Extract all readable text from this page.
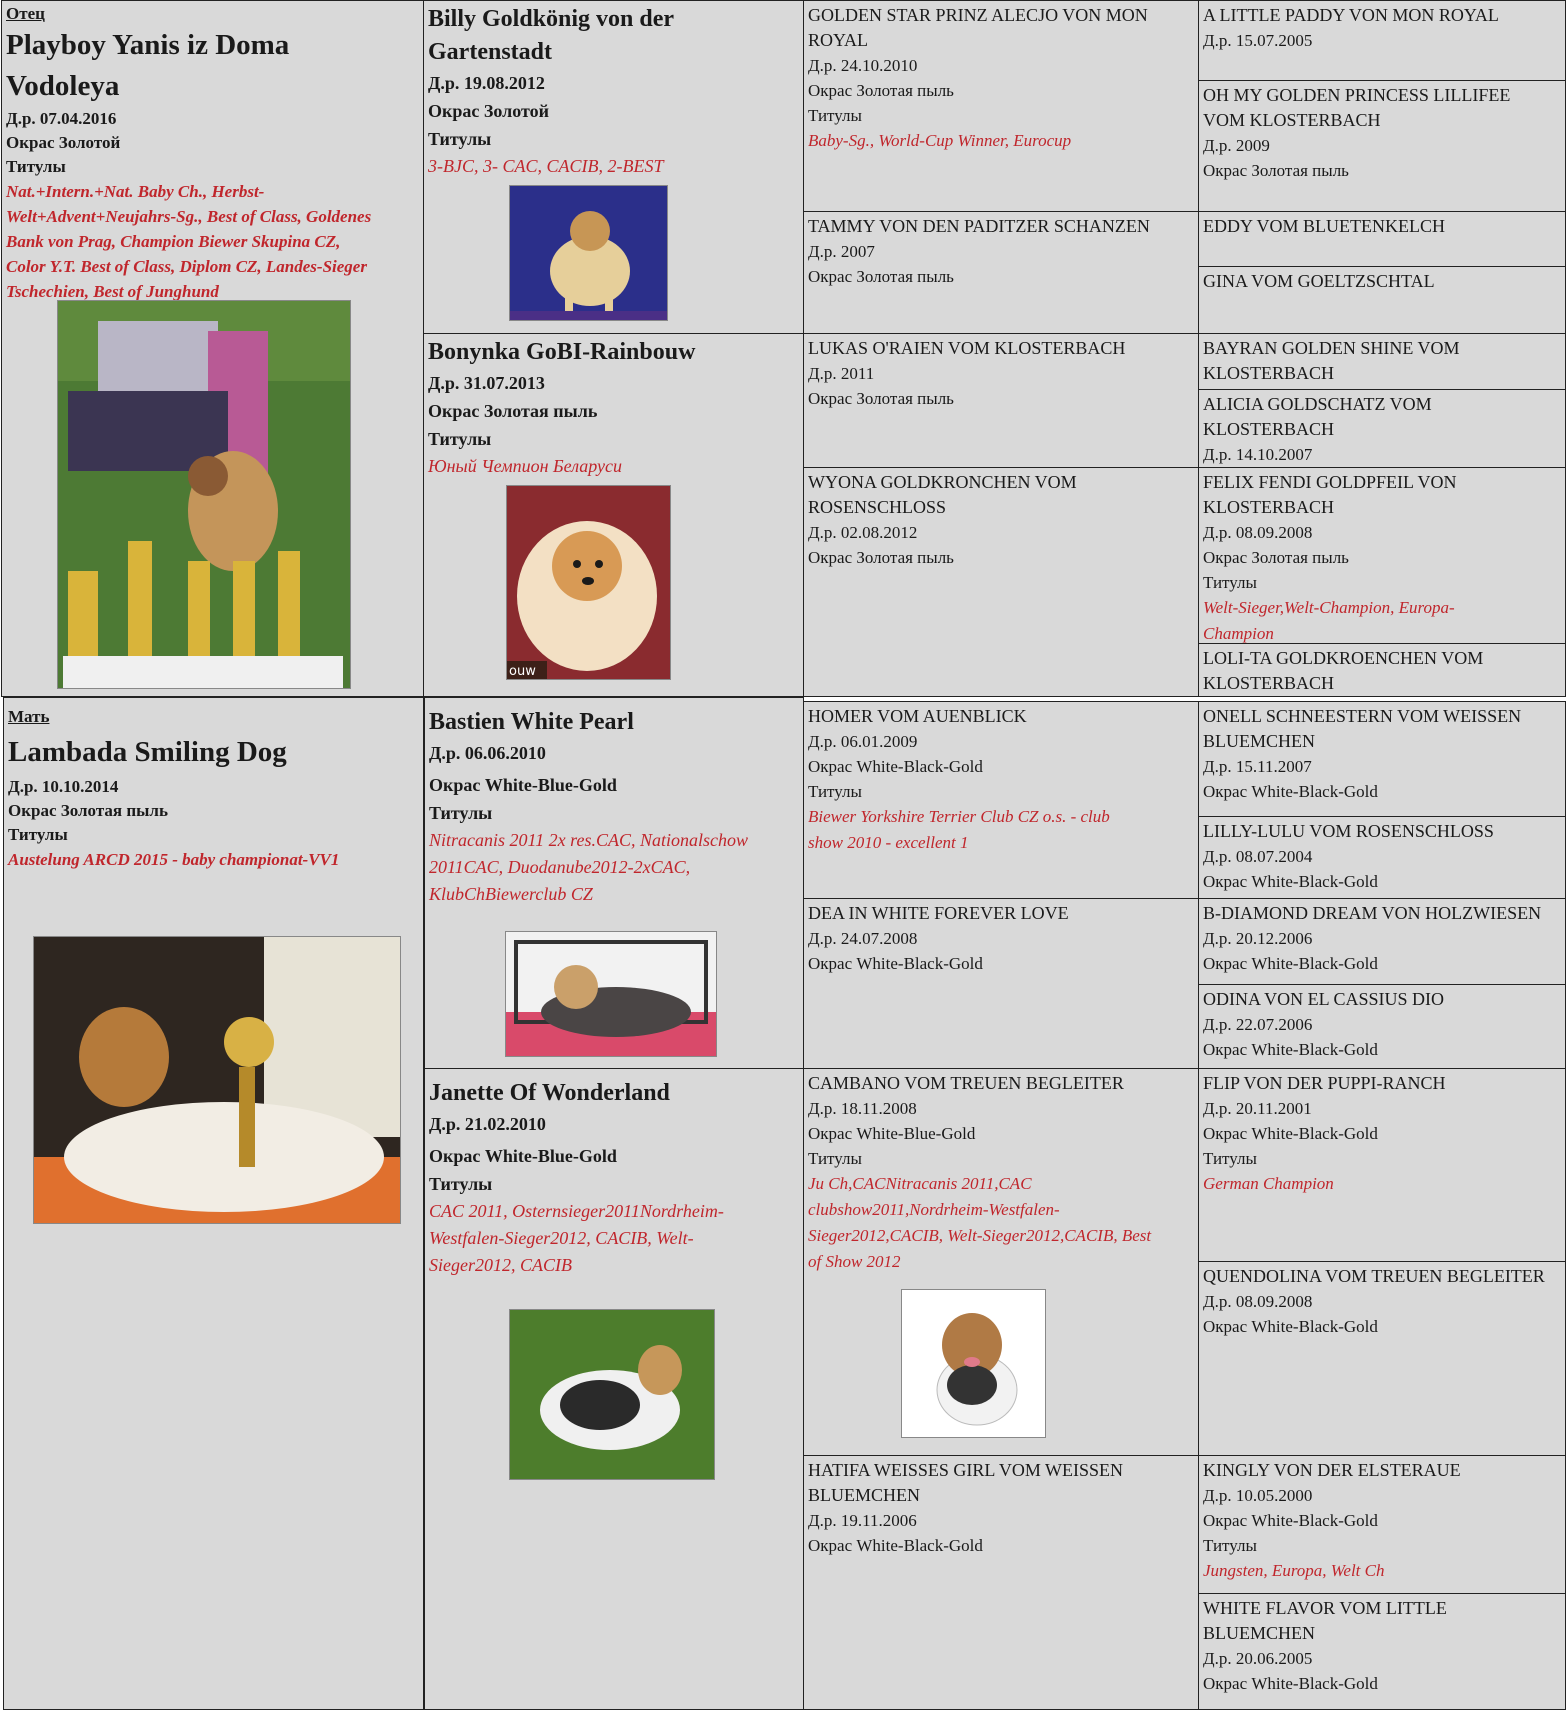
Отец
Playboy Yanis iz Doma
Vodoleya
Д.р. 07.04.2016
Окрас Золотой
Титулы
Nat.+Intern.+Nat. Baby Ch., Herbst-
Welt+Advent+Neujahrs-Sg., Best of Class, Goldenes
Bank von Prag, Champion Biewer Skupina CZ,
Color Y.T. Best of Class, Diplom CZ, Landes-Sieger
Tschechien, Best of Junghund
Мать
Lambada Smiling Dog
Д.р. 10.10.2014
Окрас Золотая пыль
Титулы
Austelung ARCD 2015 - baby championat-VV1
Billy Goldkönig von der
Gartenstadt
Д.р. 19.08.2012
Окрас Золотой
Титулы
3-BJC, 3- CAC, CACIB, 2-BEST
Bonynka GoBI-Rainbouw
Д.р. 31.07.2013
Окрас Золотая пыль
Титулы
Юный Чемпион Беларуси
ouw
Bastien White Pearl
Д.р. 06.06.2010
Окрас White-Blue-Gold
Титулы
Nitracanis 2011 2x res.CAC, Nationalschow
2011CAC, Duodanube2012-2xCAC,
KlubChBiewerclub CZ
Janette Of Wonderland
Д.р. 21.02.2010
Окрас White-Blue-Gold
Титулы
CAC 2011, Osternsieger2011Nordrheim-
Westfalen-Sieger2012, CACIB, Welt-
Sieger2012, CACIB
GOLDEN STAR PRINZ ALECJO VON MON
ROYAL
Д.р. 24.10.2010
Окрас Золотая пыль
Титулы
Baby-Sg., World-Cup Winner, Eurocup
TAMMY VON DEN PADITZER SCHANZEN
Д.р. 2007
Окрас Золотая пыль
LUKAS O'RAIEN VOM KLOSTERBACH
Д.р. 2011
Окрас Золотая пыль
WYONA GOLDKRONCHEN VOM
ROSENSCHLOSS
Д.р. 02.08.2012
Окрас Золотая пыль
HOMER VOM AUENBLICK
Д.р. 06.01.2009
Окрас White-Black-Gold
Титулы
Biewer Yorkshire Terrier Club CZ o.s. - club
show 2010 - excellent 1
DEA IN WHITE FOREVER LOVE
Д.р. 24.07.2008
Окрас White-Black-Gold
CAMBANO VOM TREUEN BEGLEITER
Д.р. 18.11.2008
Окрас White-Blue-Gold
Титулы
Ju Ch,CACNitracanis 2011,CAC
clubshow2011,Nordrheim-Westfalen-
Sieger2012,CACIB, Welt-Sieger2012,CACIB, Best
of Show 2012
HATIFA WEISSES GIRL VOM WEISSEN
BLUEMCHEN
Д.р. 19.11.2006
Окрас White-Black-Gold
A LITTLE PADDY VON MON ROYAL
Д.р. 15.07.2005
OH MY GOLDEN PRINCESS LILLIFEE
VOM KLOSTERBACH
Д.р. 2009
Окрас Золотая пыль
EDDY VOM BLUETENKELCH
GINA VOM GOELTZSCHTAL
BAYRAN GOLDEN SHINE VOM
KLOSTERBACH
ALICIA GOLDSCHATZ VOM
KLOSTERBACH
Д.р. 14.10.2007
FELIX FENDI GOLDPFEIL VON
KLOSTERBACH
Д.р. 08.09.2008
Окрас Золотая пыль
Титулы
Welt-Sieger,Welt-Champion, Europa-
Champion
LOLI-TA GOLDKROENCHEN VOM
KLOSTERBACH
ONELL SCHNEESTERN VOM WEISSEN
BLUEMCHEN
Д.р. 15.11.2007
Окрас White-Black-Gold
LILLY-LULU VOM ROSENSCHLOSS
Д.р. 08.07.2004
Окрас White-Black-Gold
B-DIAMOND DREAM VON HOLZWIESEN
Д.р. 20.12.2006
Окрас White-Black-Gold
ODINA VON EL CASSIUS DIO
Д.р. 22.07.2006
Окрас White-Black-Gold
FLIP VON DER PUPPI-RANCH
Д.р. 20.11.2001
Окрас White-Black-Gold
Титулы
German Champion
QUENDOLINA VOM TREUEN BEGLEITER
Д.р. 08.09.2008
Окрас White-Black-Gold
KINGLY VON DER ELSTERAUE
Д.р. 10.05.2000
Окрас White-Black-Gold
Титулы
Jungsten, Europa, Welt Ch
WHITE FLAVOR VOM LITTLE
BLUEMCHEN
Д.р. 20.06.2005
Окрас White-Black-Gold
